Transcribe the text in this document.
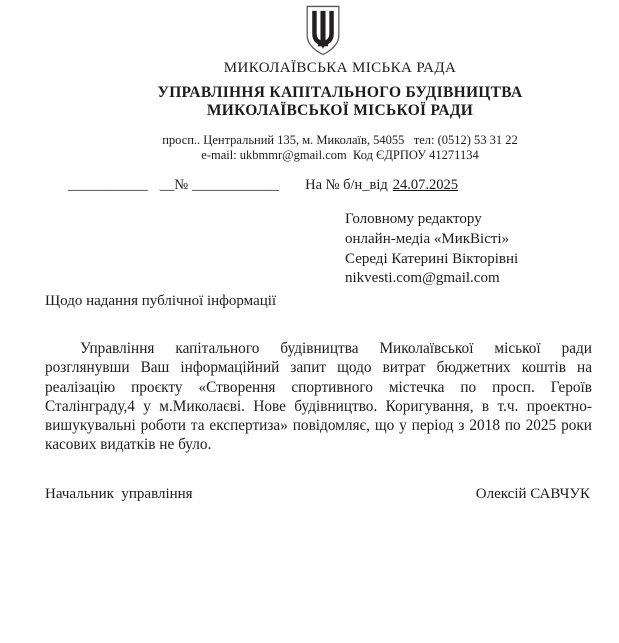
МИКОЛАЇВСЬКА МІСЬКА РАДА
УПРАВЛІННЯ КАПІТАЛЬНОГО БУДІВНИЦТВА
МИКОЛАЇВСЬКОЇ МІСЬКОЇ РАДИ
просп.. Центральний 135, м. Миколаїв, 54055   тел: (0512) 53 31 22
e-mail: ukbmmr@gmail.com  Код ЄДРПОУ 41271134
___________ __№ ____________ На № б/н_від 24.07.2025
Головному редактору
онлайн-медіа «МикВісті»
Середі Катерині Вікторівні
nikvesti.com@gmail.com
Щодо надання публічної інформації

Управління капітального будівництва Миколаївської міської ради розглянувши Ваш інформаційний запит щодо витрат бюджетних коштів на реалізацію проєкту «Створення спортивного містечка по просп. Героїв Сталінграду,4 у м.Миколаєві. Нове будівництво. Коригування, в т.ч. проектно-вишукувальні роботи та експертиза» повідомляє, що у період з 2018 по 2025 роки касових видатків не було.

Начальник  управління	Олексій САВЧУК
